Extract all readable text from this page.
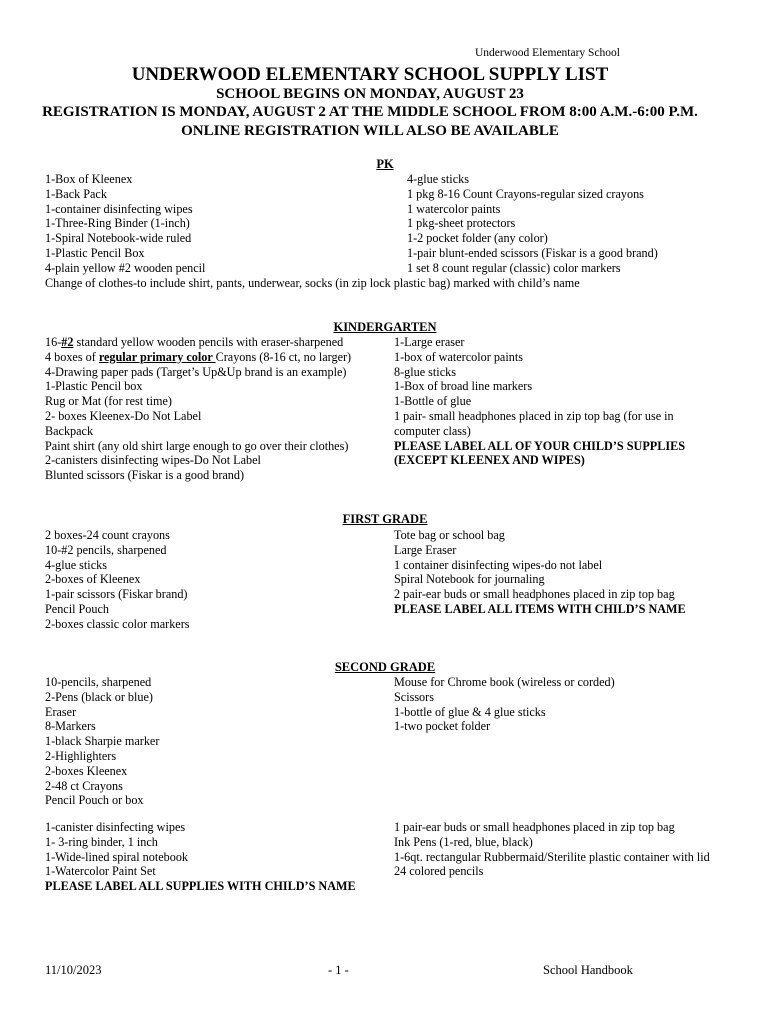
Underwood Elementary School
UNDERWOOD ELEMENTARY SCHOOL SUPPLY LIST
SCHOOL BEGINS ON MONDAY, AUGUST 23
REGISTRATION IS MONDAY, AUGUST 2 AT THE MIDDLE SCHOOL FROM 8:00 A.M.-6:00 P.M.
ONLINE REGISTRATION WILL ALSO BE AVAILABLE
PK
1-Box of Kleenex
1-Back Pack
1-container disinfecting wipes
1-Three-Ring Binder (1-inch)
1-Spiral Notebook-wide ruled
1-Plastic Pencil Box
4-plain yellow #2 wooden pencil
Change of clothes-to include shirt, pants, underwear, socks (in zip lock plastic bag) marked with child’s name
4-glue sticks
1 pkg 8-16 Count Crayons-regular sized crayons
1 watercolor paints
1 pkg-sheet protectors
1-2 pocket folder (any color)
1-pair blunt-ended scissors (Fiskar is a good brand)
1 set 8 count regular (classic) color markers
KINDERGARTEN
16-#2 standard yellow wooden pencils with eraser-sharpened
4 boxes of regular primary color Crayons (8-16 ct, no larger)
4-Drawing paper pads (Target’s Up&Up brand is an example)
1-Plastic Pencil box
Rug or Mat (for rest time)
2- boxes Kleenex-Do Not Label
Backpack
Paint shirt (any old shirt large enough to go over their clothes)
2-canisters disinfecting wipes-Do Not Label
Blunted scissors (Fiskar is a good brand)
1-Large eraser
1-box of watercolor paints
8-glue sticks
1-Box of broad line markers
1-Bottle of glue
1 pair- small headphones placed in zip top bag (for use in
computer class)
PLEASE LABEL ALL OF YOUR CHILD’S SUPPLIES
(EXCEPT KLEENEX AND WIPES)
FIRST GRADE
2 boxes-24 count crayons
10-#2 pencils, sharpened
4-glue sticks
2-boxes of Kleenex
1-pair scissors (Fiskar brand)
Pencil Pouch
2-boxes classic color markers
Tote bag or school bag
Large Eraser
1 container disinfecting wipes-do not label
Spiral Notebook for journaling
2 pair-ear buds or small headphones placed in zip top bag
PLEASE LABEL ALL ITEMS WITH CHILD’S NAME
SECOND GRADE
10-pencils, sharpened
2-Pens (black or blue)
Eraser
8-Markers
1-black Sharpie marker
2-Highlighters
2-boxes Kleenex
2-48 ct Crayons
Pencil Pouch or box
Mouse for Chrome book (wireless or corded)
Scissors
1-bottle of glue & 4 glue sticks
1-two pocket folder
1-canister disinfecting wipes
1- 3-ring binder, 1 inch
1-Wide-lined spiral notebook
1-Watercolor Paint Set
PLEASE LABEL ALL SUPPLIES WITH CHILD’S NAME
1 pair-ear buds or small headphones placed in zip top bag
Ink Pens (1-red, blue, black)
1-6qt. rectangular Rubbermaid/Sterilite plastic container with lid
24 colored pencils
11/10/2023	- 1 -	School Handbook
